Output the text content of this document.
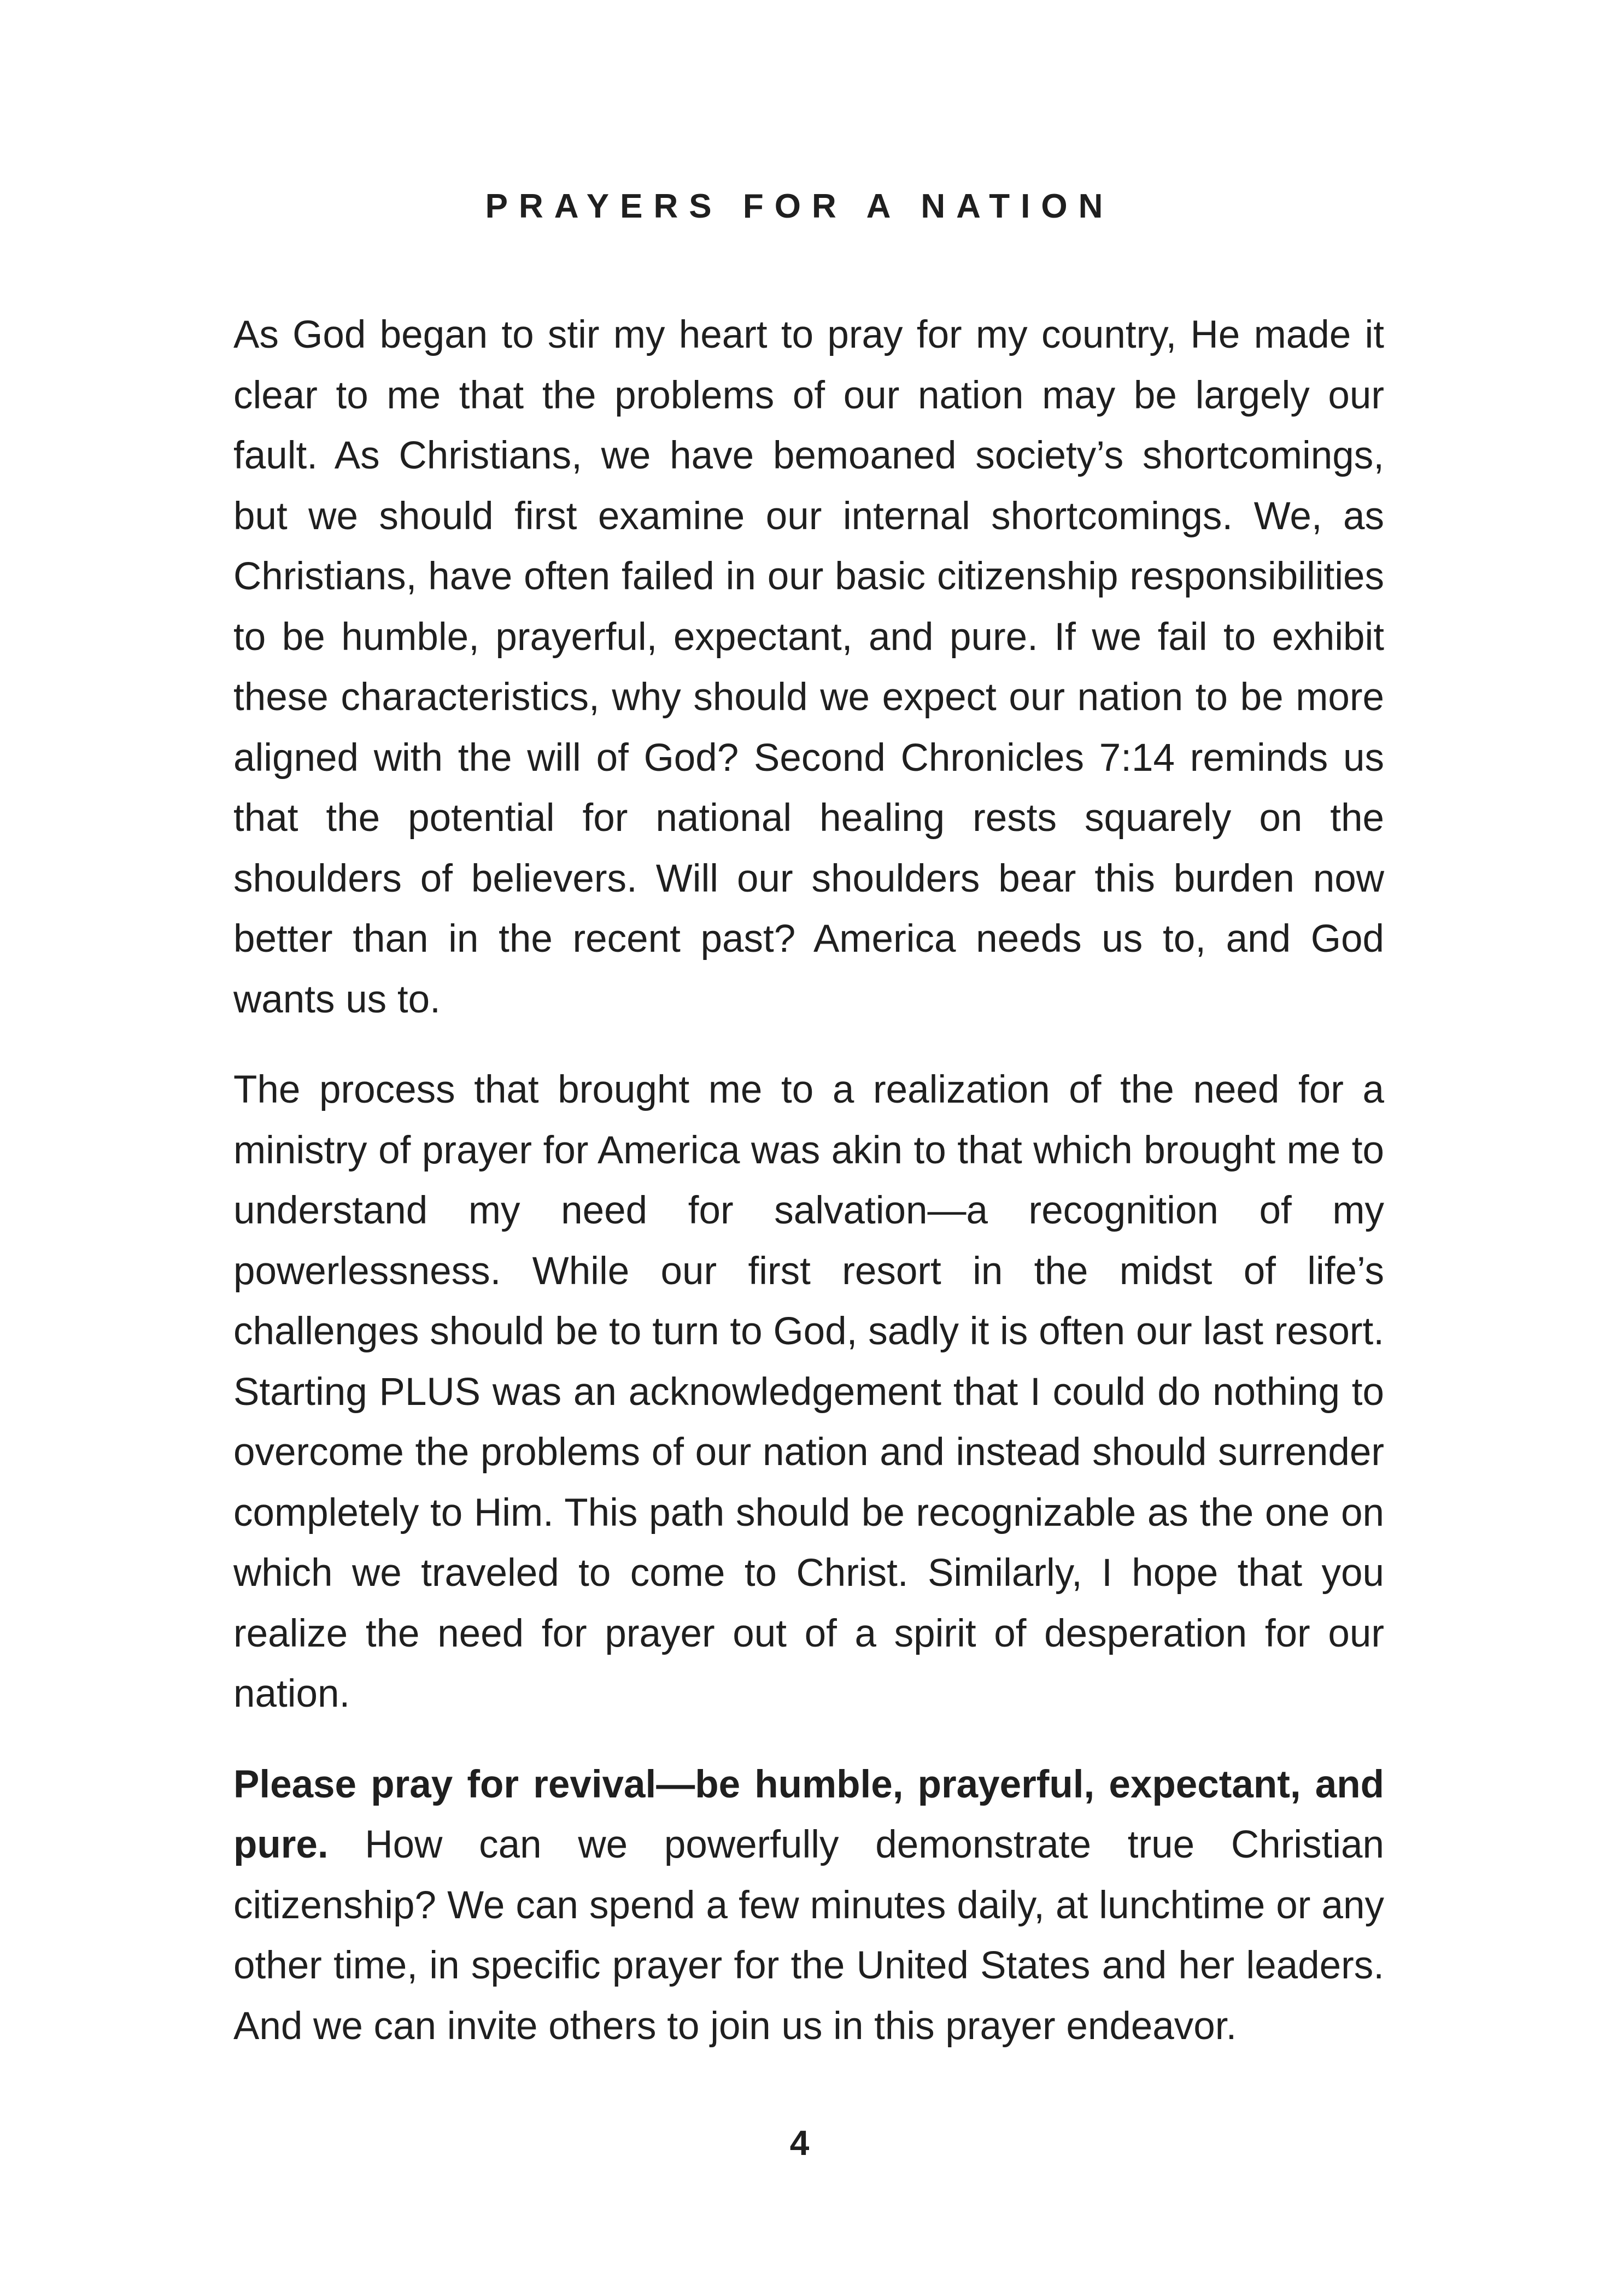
PRAYERS FOR A NATION

As God began to stir my heart to pray for my country, He made it clear to me that the problems of our nation may be largely our fault. As Christians, we have bemoaned society’s shortcomings, but we should first examine our internal shortcomings. We, as Christians, have often failed in our basic citizenship responsibilities to be humble, prayerful, expectant, and pure. If we fail to exhibit these characteristics, why should we expect our nation to be more aligned with the will of God? Second Chronicles 7:14 reminds us that the potential for national healing rests squarely on the shoulders of believers. Will our shoulders bear this burden now better than in the recent past? America needs us to, and God wants us to.

The process that brought me to a realization of the need for a ministry of prayer for America was akin to that which brought me to understand my need for salvation—a recognition of my powerlessness. While our first resort in the midst of life’s challenges should be to turn to God, sadly it is often our last resort. Starting PLUS was an acknowledgement that I could do nothing to overcome the problems of our nation and instead should surrender completely to Him. This path should be recognizable as the one on which we traveled to come to Christ. Similarly, I hope that you realize the need for prayer out of a spirit of desperation for our nation.

Please pray for revival—be humble, prayerful, expectant, and pure. How can we powerfully demonstrate true Christian citizenship? We can spend a few minutes daily, at lunchtime or any other time, in specific prayer for the United States and her leaders. And we can invite others to join us in this prayer endeavor.

4
